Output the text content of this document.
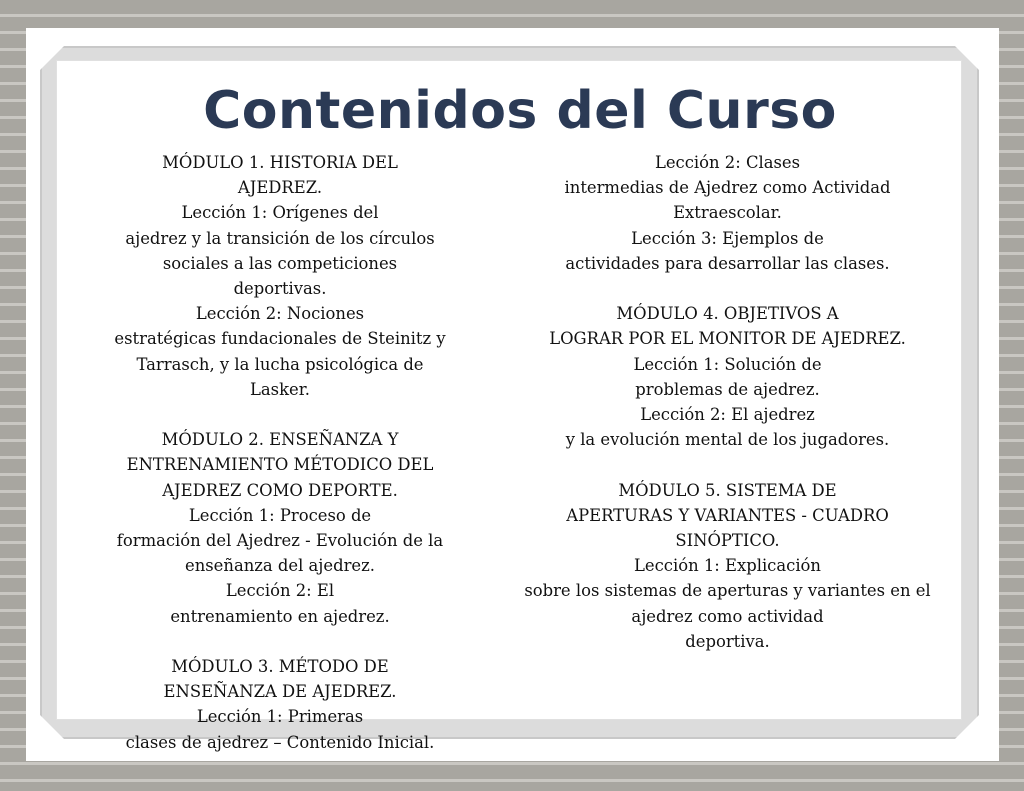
Contenidos del Curso
MÓDULO 1. HISTORIA DEL
AJEDREZ.
Lección 1: Orígenes del
ajedrez y la transición de los círculos
sociales a las competiciones
deportivas.
Lección 2: Nociones
estratégicas fundacionales de Steinitz y
Tarrasch, y la lucha psicológica de
Lasker.
MÓDULO 2. ENSEÑANZA Y
ENTRENAMIENTO MÉTODICO DEL
AJEDREZ COMO DEPORTE.
Lección 1: Proceso de
formación del Ajedrez - Evolución de la
enseñanza del ajedrez.
Lección 2: El
entrenamiento en ajedrez.
MÓDULO 3. MÉTODO DE
ENSEÑANZA DE AJEDREZ.
Lección 1: Primeras
clases de ajedrez – Contenido Inicial.
Lección 2: Clases
intermedias de Ajedrez como Actividad
Extraescolar.
Lección 3: Ejemplos de
actividades para desarrollar las clases.
MÓDULO 4. OBJETIVOS A
LOGRAR POR EL MONITOR DE AJEDREZ.
Lección 1: Solución de
problemas de ajedrez.
Lección 2: El ajedrez
y la evolución mental de los jugadores.
MÓDULO 5. SISTEMA DE
APERTURAS Y VARIANTES - CUADRO
SINÓPTICO.
Lección 1: Explicación
sobre los sistemas de aperturas y variantes en el
ajedrez como actividad
deportiva.
